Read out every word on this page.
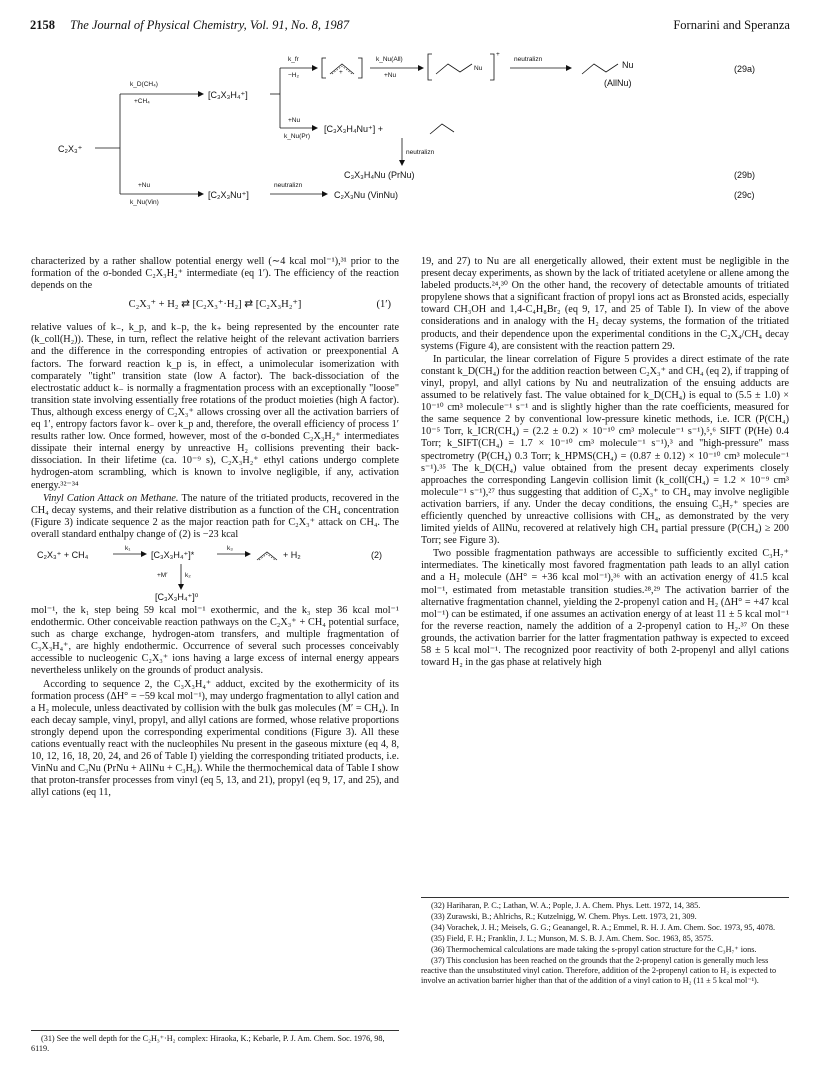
2158 The Journal of Physical Chemistry, Vol. 91, No. 8, 1987	Fornarini and Speranza
C₂X₃⁺
k_D(CH₄)
+CH₄
[C₃X₃H₄⁺]
k_fr
−H₂	+
k_Nu(All)
+Nu
Nu
+
neutralizn
Nu
(AllNu)
(29a)
+Nu
k_Nu(Pr)
[C₃X₃H₄Nu⁺] +
neutralizn
C₃X₃H₄Nu (PrNu)	(29b)
+Nu
k_Nu(Vin)
[C₂X₃Nu⁺]
neutralizn
C₂X₃Nu (VinNu)	(29c)

characterized by a rather shallow potential energy well (∼4 kcal mol⁻¹),³¹ prior to the formation of the σ-bonded C₂X₃H₂⁺ intermediate (eq 1′). The efficiency of the reaction depends on the

C₂X₃⁺ + H₂ ⇄ [C₂X₃⁺·H₂] ⇄ [C₂X₃H₂⁺]	(1′)

relative values of k₋, k_p, and k₋p, the k₊ being represented by the encounter rate (k_coll(H₂)). These, in turn, reflect the relative height of the relevant activation barriers and the difference in the corresponding entropies of activation or preexponential A factors. The forward reaction k_p is, in effect, a unimolecular isomerization with comparately "tight" transition state (low A factor). The back-dissociation of the electrostatic adduct k₋ is normally a fragmentation process with an exceptionally "loose" transition state involving essentially free rotations of the product moieties (high A factor). Thus, although excess energy of C₂X₃⁺ allows crossing over all the activation barriers of eq 1′, entropy factors favor k₋ over k_p and, therefore, the overall efficiency of process 1′ results rather low. Once formed, however, most of the σ-bonded C₂X₃H₂⁺ intermediates dissipate their internal energy by unreactive H₂ collisions preventing their back-dissociation. In their lifetime (ca. 10⁻⁹ s), C₂X₃H₂⁺ ethyl cations undergo complete hydrogen-atom scrambling, which is known to involve negligible, if any, activation energy.³²⁻³⁴

Vinyl Cation Attack on Methane. The nature of the tritiated products, recovered in the CH₄ decay systems, and their relative distribution as a function of the CH₄ concentration (Figure 3) indicate sequence 2 as the major reaction path for C₂X₃⁺ attack on CH₄. The overall standard enthalpy change of (2) is −23 kcal

C₂X₃⁺ + CH₄
k₁
[C₃X₃H₄⁺]*
k₃
+ H₂	(2)
+M′	k₂
[C₃X₃H₄⁺]⁰

mol⁻¹, the k₁ step being 59 kcal mol⁻¹ exothermic, and the k₃ step 36 kcal mol⁻¹ endothermic. Other conceivable reaction pathways on the C₂X₃⁺ + CH₄ potential surface, such as charge exchange, hydrogen-atom transfers, and multiple fragmentation of C₃X₃H₄⁺, are highly endothermic. Occurrence of several such processes conceivably accessible to nucleogenic C₂X₃⁺ ions having a large excess of internal energy appears nevertheless unlikely on the grounds of product analysis.

According to sequence 2, the C₃X₃H₄⁺ adduct, excited by the exothermicity of its formation process (ΔH° = −59 kcal mol⁻¹), may undergo fragmentation to allyl cation and a H₂ molecule, unless deactivated by collision with the bulk gas molecules (M′ = CH₄). In each decay sample, vinyl, propyl, and allyl cations are formed, whose relative proportions strongly depend upon the corresponding experimental conditions (Figure 3). All these cations eventually react with the nucleophiles Nu present in the gaseous mixture (eq 4, 8, 10, 12, 16, 18, 20, 24, and 26 of Table I) yielding the corresponding tritiated products, i.e. VinNu and C₃Nu (PrNu + AllNu + C₃H₆). While the thermochemical data of Table I show that proton-transfer processes from vinyl (eq 5, 13, and 21), propyl (eq 9, 17, and 25), and allyl cations (eq 11,

(31) See the well depth for the C₂H₃⁺·H₂ complex: Hiraoka, K.; Kebarle, P. J. Am. Chem. Soc. 1976, 98, 6119.

19, and 27) to Nu are all energetically allowed, their extent must be negligible in the present decay experiments, as shown by the lack of tritiated acetylene or allene among the labeled products.²⁴,³⁰ On the other hand, the recovery of detectable amounts of tritiated propylene shows that a significant fraction of propyl ions act as Bronsted acids, especially toward CH₃OH and 1,4-C₄H₈Br₂ (eq 9, 17, and 25 of Table I). In view of the above considerations and in analogy with the H₂ decay systems, the formation of the tritiated products, and their dependence upon the experimental conditions in the C₂X₄/CH₄ decay systems (Figure 4), are consistent with the reaction pattern 29.

In particular, the linear correlation of Figure 5 provides a direct estimate of the rate constant k_D(CH₄) for the addition reaction between C₂X₃⁺ and CH₄ (eq 2), if trapping of vinyl, propyl, and allyl cations by Nu and neutralization of the ensuing adducts are assumed to be relatively fast. The value obtained for k_D(CH₄) is equal to (5.5 ± 1.0) × 10⁻¹⁰ cm³ molecule⁻¹ s⁻¹ and is slightly higher than the rate coefficients, measured for the same sequence 2 by conventional low-pressure kinetic methods, i.e. ICR (P(CH₄) 10⁻⁵ Torr, k_ICR(CH₄) = (2.2 ± 0.2) × 10⁻¹⁰ cm³ molecule⁻¹ s⁻¹),⁵,⁶ SIFT (P(He) 0.4 Torr; k_SIFT(CH₄) = 1.7 × 10⁻¹⁰ cm³ molecule⁻¹ s⁻¹),³ and "high-pressure" mass spectrometry (P(CH₄) 0.3 Torr; k_HPMS(CH₄) = (0.87 ± 0.12) × 10⁻¹⁰ cm³ molecule⁻¹ s⁻¹).³⁵ The k_D(CH₄) value obtained from the present decay experiments closely approaches the corresponding Langevin collision limit (k_coll(CH₄) = 1.2 × 10⁻⁹ cm³ molecule⁻¹ s⁻¹),²⁷ thus suggesting that addition of C₂X₃⁺ to CH₄ may involve negligible activation barriers, if any. Under the decay conditions, the ensuing C₃H₇⁺ species are efficiently quenched by unreactive collisions with CH₄, as demonstrated by the very limited yields of AllNu, recovered at relatively high CH₄ partial pressure (P(CH₄) ≥ 200 Torr; see Figure 3).

Two possible fragmentation pathways are accessible to sufficiently excited C₃H₇⁺ intermediates. The kinetically most favored fragmentation path leads to an allyl cation and a H₂ molecule (ΔH° = +36 kcal mol⁻¹),³⁶ with an activation energy of 41.5 kcal mol⁻¹, estimated from metastable transition studies.²⁸,²⁹ The activation barrier of the alternative fragmentation channel, yielding the 2-propenyl cation and H₂ (ΔH° = +47 kcal mol⁻¹) can be estimated, if one assumes an activation energy of at least 11 ± 5 kcal mol⁻¹ for the reverse reaction, namely the addition of a 2-propenyl cation to H₂.³⁷ On these grounds, the activation barrier for the latter fragmentation pathway is expected to exceed 58 ± 5 kcal mol⁻¹. The recognized poor reactivity of both 2-propenyl and allyl cations toward H₂ in the gas phase at relatively high

(32) Hariharan, P. C.; Lathan, W. A.; Pople, J. A. Chem. Phys. Lett. 1972, 14, 385.

(33) Zurawski, B.; Ahlrichs, R.; Kutzelnigg, W. Chem. Phys. Lett. 1973, 21, 309.

(34) Vorachek, J. H.; Meisels, G. G.; Geanangel, R. A.; Emmel, R. H. J. Am. Chem. Soc. 1973, 95, 4078.

(35) Field, F. H.; Franklin, J. L.; Munson, M. S. B. J. Am. Chem. Soc. 1963, 85, 3575.

(36) Thermochemical calculations are made taking the s-propyl cation structure for the C₃H₇⁺ ions.

(37) This conclusion has been reached on the grounds that the 2-propenyl cation is generally much less reactive than the unsubstituted vinyl cation. Therefore, addition of the 2-propenyl cation to H₂ is expected to involve an activation barrier higher than that of the addition of a vinyl cation to H₂ (11 ± 5 kcal mol⁻¹).
